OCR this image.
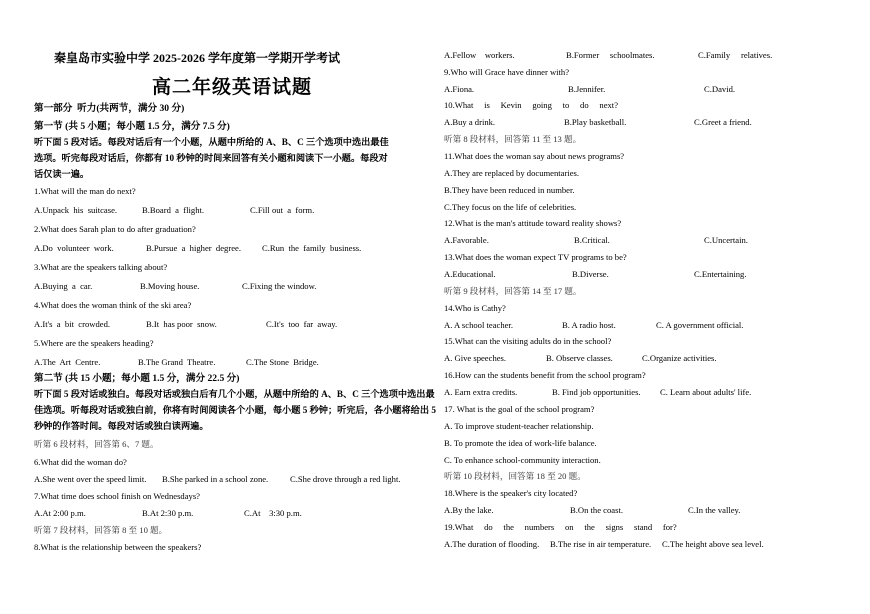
秦皇岛市实验中学 2025-2026 学年度第一学期开学考试
高二年级英语试题
第一部分  听力(共两节，满分 30 分)
第一节 (共 5 小题；每小题 1.5 分，满分 7.5 分)
听下面 5 段对话。每段对话后有一个小题，从题中所给的 A、B、C 三个选项中选出最佳
选项。听完每段对话后，你都有 10 秒钟的时间来回答有关小题和阅读下一小题。每段对
话仅读一遍。
1.What will the man do next?
A.Unpack  his  suitcase.	B.Board  a  flight.	C.Fill out  a  form.
2.What does Sarah plan to do after graduation?
A.Do  volunteer  work.	B.Pursue  a  higher  degree. C.Run  the  family  business.
3.What are the speakers talking about?
A.Buying  a  car.	B.Moving house.	C.Fixing the window.
4.What does the woman think of the ski area?
A.It's  a  bit  crowded.	B.It  has poor  snow.	C.It's  too  far  away.
5.Where are the speakers heading?
A.The  Art  Centre.	B.The Grand  Theatre.	C.The Stone  Bridge.
第二节 (共 15 小题；每小题 1.5 分，满分 22.5 分)
听下面 5 段对话或独白。每段对话或独白后有几个小题，从题中所给的 A、B、C 三个选项中选出最
佳选项。听每段对话或独白前，你将有时间阅读各个小题，每小题 5 秒钟；听完后，各小题将给出 5
秒钟的作答时间。每段对话或独白读两遍。
听第 6 段材料，回答第 6、7 题。
6.What did the woman do?
A.She went over the speed limit. B.She parked in a school zone.	C.She drove through a red light.
7.What time does school finish on Wednesdays?
A.At 2:00 p.m.	B.At 2:30 p.m.	C.At    3:30 p.m.
听第 7 段材料，回答第 8 至 10 题。
8.What is the relationship between the speakers?
A.Fellow    workers.	B.Former     schoolmates.	C.Family     relatives.
9.Who will Grace have dinner with?
A.Fiona.	B.Jennifer.	C.David.
10.What     is     Kevin     going     to     do     next?
A.Buy a drink.	B.Play basketball.	C.Greet a friend.
听第 8 段材料，回答第 11 至 13 题。
11.What does the woman say about news programs?
A.They are replaced by documentaries.
B.They have been reduced in number.
C.They focus on the life of celebrities.
12.What is the man's attitude toward reality shows?
A.Favorable.	B.Critical.	C.Uncertain.
13.What does the woman expect TV programs to be?
A.Educational.	B.Diverse.	C.Entertaining.
听第 9 段材料，回答第 14 至 17 题。
14.Who is Cathy?
A. A school teacher.	B. A radio host.	C. A government official.
15.What can the visiting adults do in the school?
A. Give speeches.	B. Observe classes.	C.Organize activities.
16.How can the students benefit from the school program?
A. Earn extra credits.	B. Find job opportunities. C. Learn about adults' life.
17. What is the goal of the school program?
A. To improve student-teacher relationship.
B. To promote the idea of work-life balance.
C. To enhance school-community interaction.
听第 10 段材料，回答第 18 至 20 题。
18.Where is the speaker's city located?
A.By the lake.	B.On the coast.	C.In the valley.
19.What     do     the     numbers     on     the     signs     stand     for?
A.The duration of flooding. B.The rise in air temperature. C.The height above sea level.
